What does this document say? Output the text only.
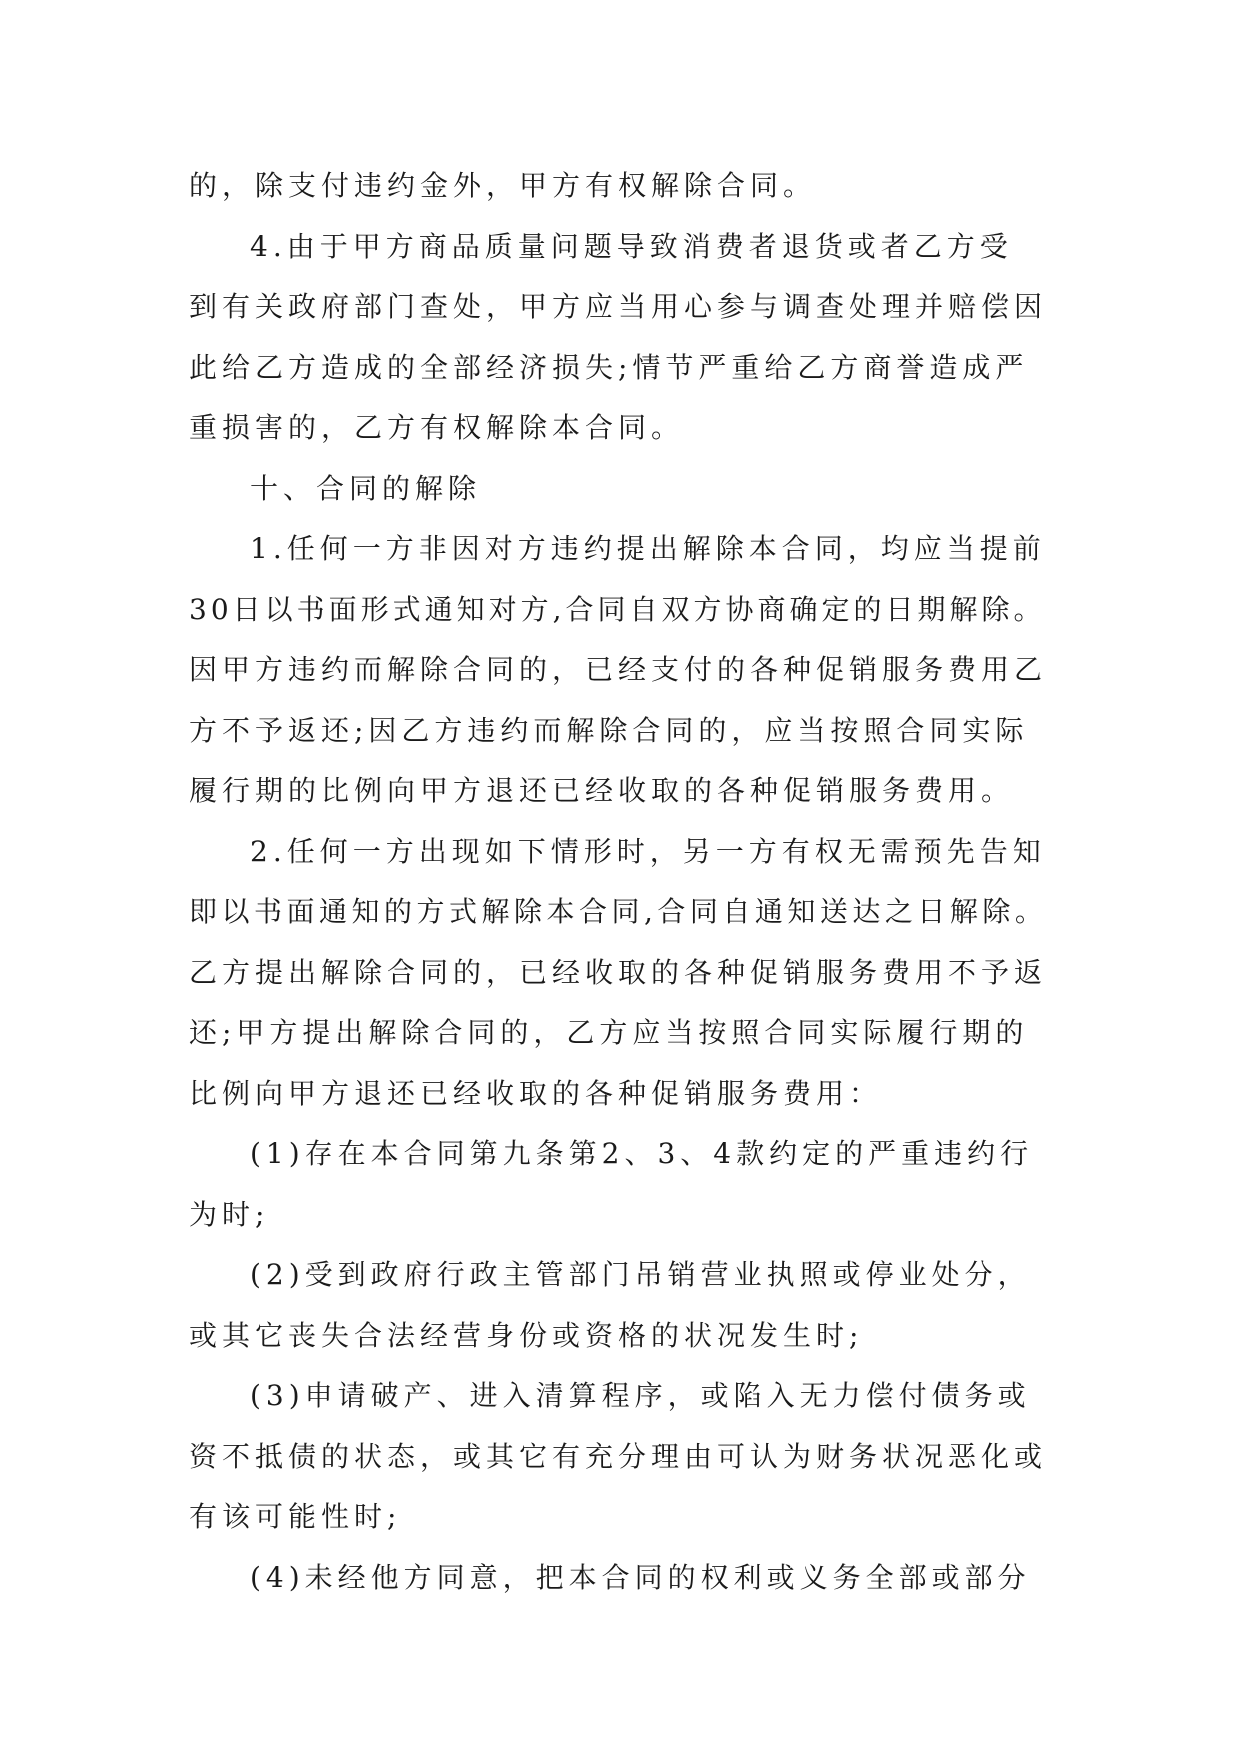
的，除支付违约金外，甲方有权解除合同。
4.由于甲方商品质量问题导致消费者退货或者乙方受
到有关政府部门查处，甲方应当用心参与调查处理并赔偿因
此给乙方造成的全部经济损失;情节严重给乙方商誉造成严
重损害的，乙方有权解除本合同。
十、合同的解除
1.任何一方非因对方违约提出解除本合同，均应当提前
30日以书面形式通知对方,合同自双方协商确定的日期解除。
因甲方违约而解除合同的，已经支付的各种促销服务费用乙
方不予返还;因乙方违约而解除合同的，应当按照合同实际
履行期的比例向甲方退还已经收取的各种促销服务费用。
2.任何一方出现如下情形时，另一方有权无需预先告知
即以书面通知的方式解除本合同,合同自通知送达之日解除。
乙方提出解除合同的，已经收取的各种促销服务费用不予返
还;甲方提出解除合同的，乙方应当按照合同实际履行期的
比例向甲方退还已经收取的各种促销服务费用：
(1)存在本合同第九条第2、3、4款约定的严重违约行
为时;
(2)受到政府行政主管部门吊销营业执照或停业处分，
或其它丧失合法经营身份或资格的状况发生时;
(3)申请破产、进入清算程序，或陷入无力偿付债务或
资不抵债的状态，或其它有充分理由可认为财务状况恶化或
有该可能性时;
(4)未经他方同意，把本合同的权利或义务全部或部分
